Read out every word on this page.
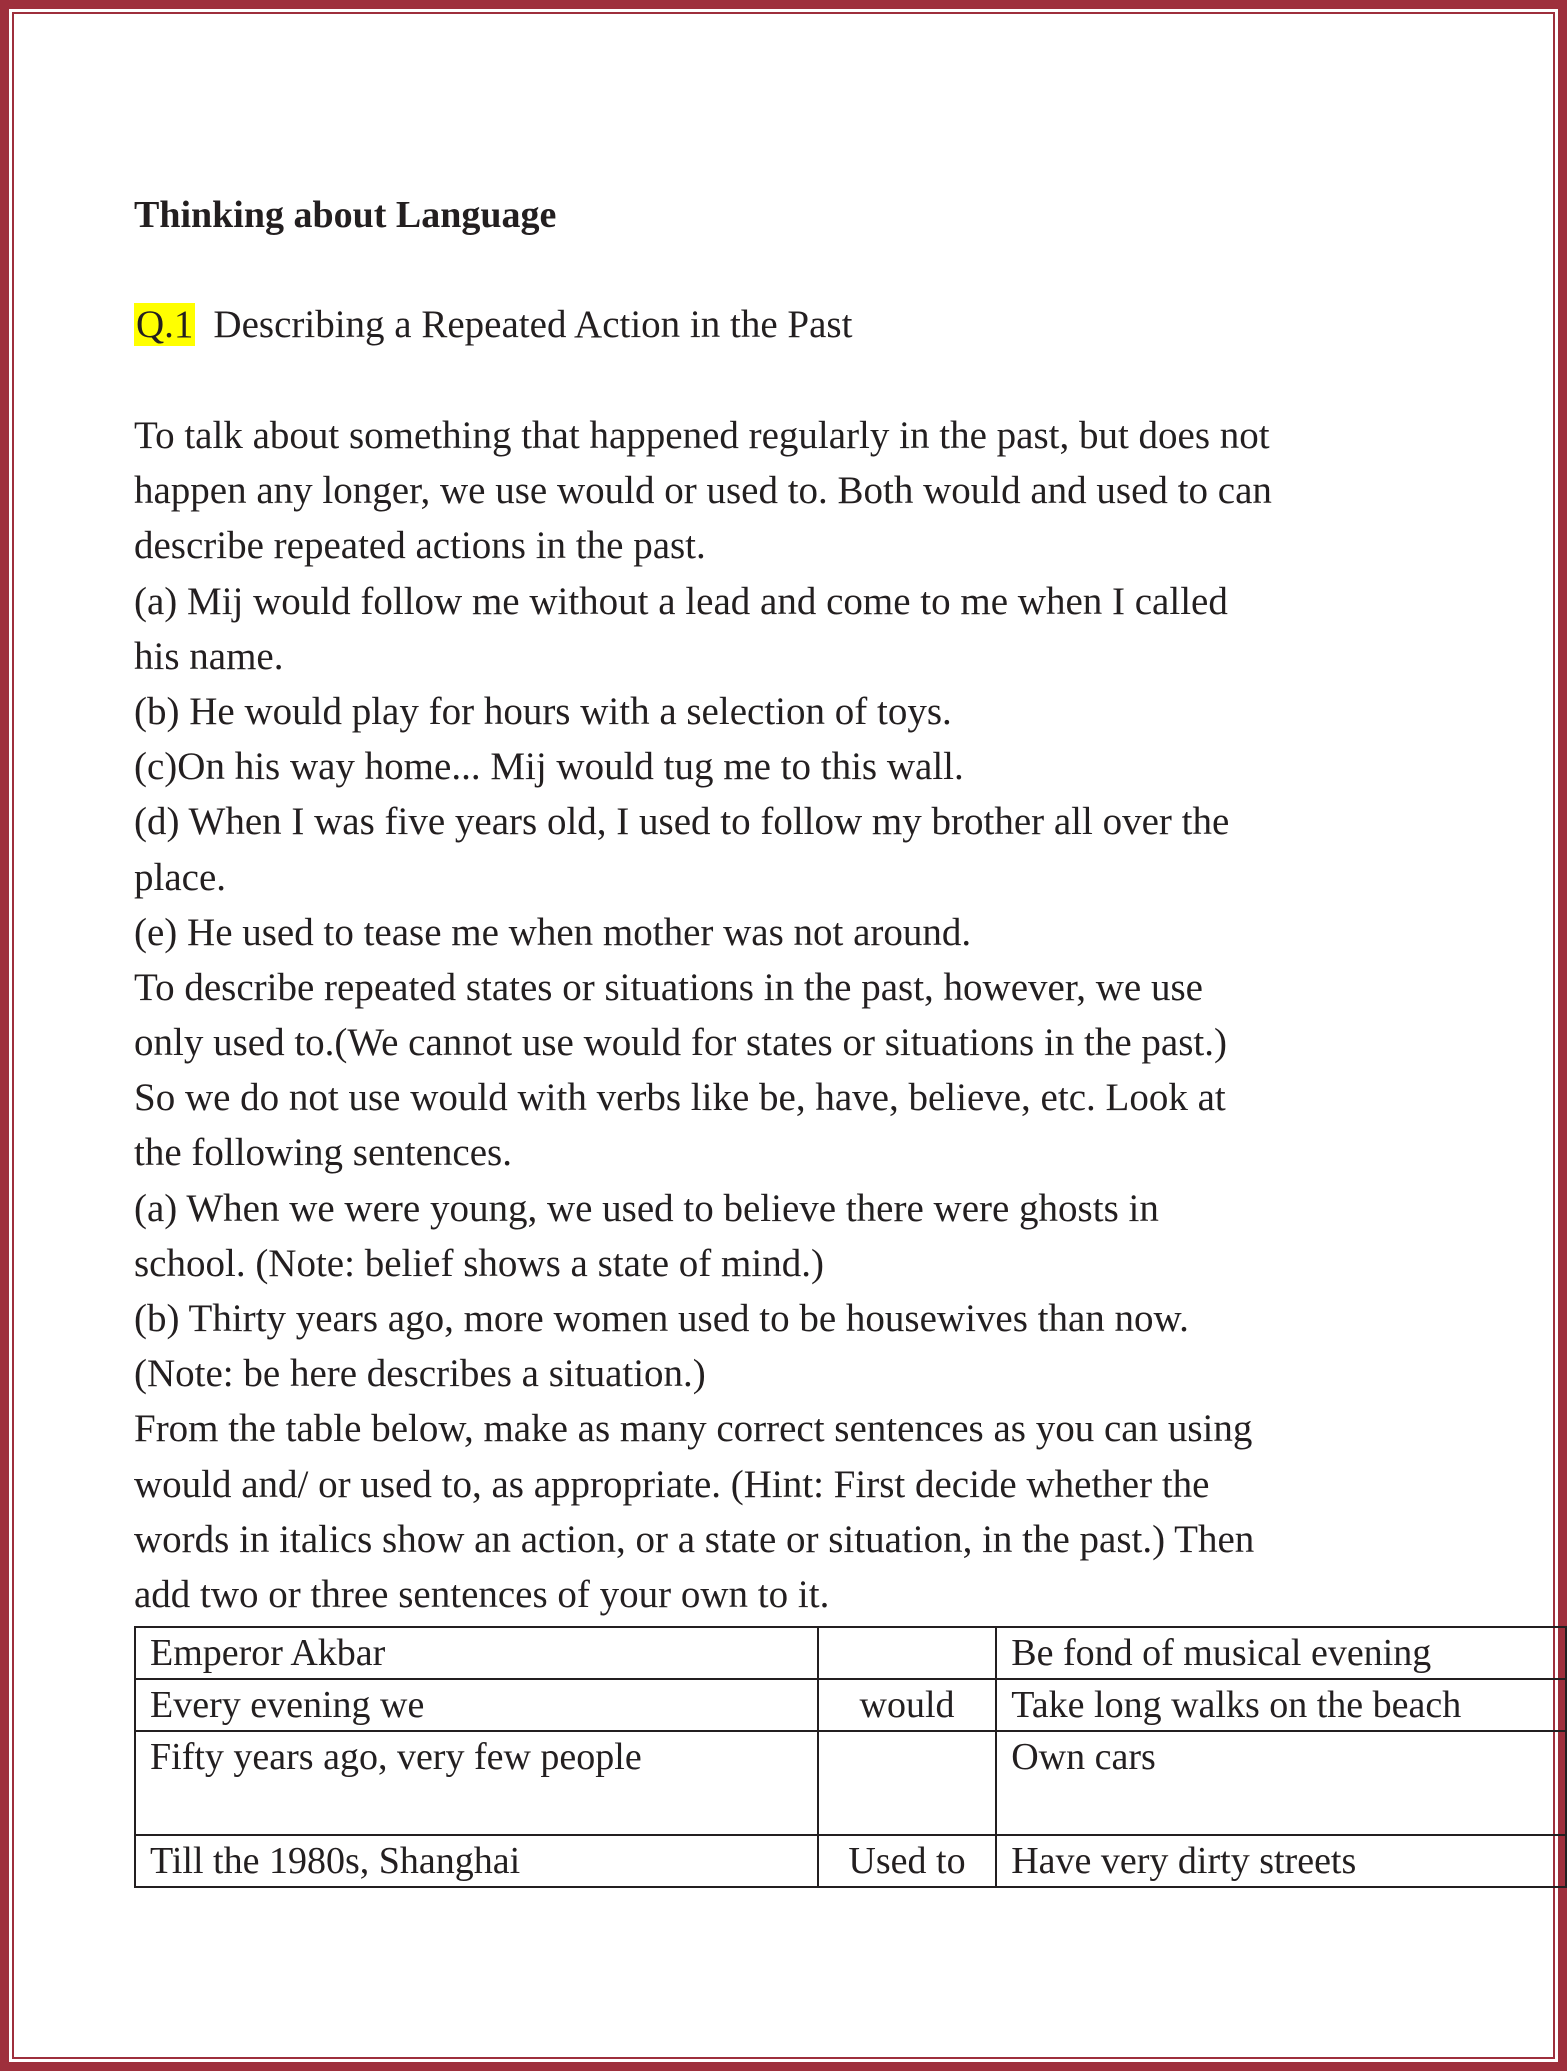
Thinking about Language
Q.1 Describing a Repeated Action in the Past
To talk about something that happened regularly in the past, but does not
happen any longer, we use would or used to. Both would and used to can
describe repeated actions in the past.
(a) Mij would follow me without a lead and come to me when I called
his name.
(b) He would play for hours with a selection of toys.
(c)On his way home... Mij would tug me to this wall.
(d) When I was five years old, I used to follow my brother all over the
place.
(e) He used to tease me when mother was not around.
To describe repeated states or situations in the past, however, we use
only used to.(We cannot use would for states or situations in the past.)
So we do not use would with verbs like be, have, believe, etc. Look at
the following sentences.
(a) When we were young, we used to believe there were ghosts in
school. (Note: belief shows a state of mind.)
(b) Thirty years ago, more women used to be housewives than now.
(Note: be here describes a situation.)
From the table below, make as many correct sentences as you can using
would and/ or used to, as appropriate. (Hint: First decide whether the
words in italics show an action, or a state or situation, in the past.) Then
add two or three sentences of your own to it.
Emperor Akbar		Be fond of musical evening
Every evening we	would	Take long walks on the beach
Fifty years ago, very few people		Own cars
Till the 1980s, Shanghai	Used to	Have very dirty streets
